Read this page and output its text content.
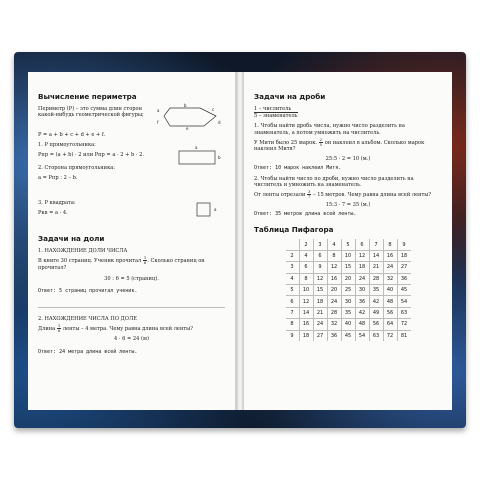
Вычисление периметра
Периметр (Р) – это сумма длин сторон какой-нибудь геометрической фигуры;
b
c
d
e
f
a
P = a + b + c + d + e + f.
1. Р прямоугольника:
Pпр = (a + b) · 2 или Pпр = a · 2 + b · 2.
2. Сторона прямоугольника:
a = Pпр : 2 – b.
a
b
3. Р квадрата:
Pкв = a · 4.
a
Задачи на доли
1. НАХОЖДЕНИЕ ДОЛИ ЧИСЛА
В книге 30 страниц. Ученик прочитал $\frac{1}{6}$ . Сколько страниц он прочитал?
30 : 6 = 5 (страниц).
Ответ: 5 страниц прочитал ученик.
2. НАХОЖДЕНИЕ ЧИСЛА ПО ДОЛЕ
Длина $\frac{1}{6}$ ленты – 4 метра. Чему равна длина всей ленты?
4 · 6 = 24 (м)
Ответ: 24 метра длина всей ленты.
Задачи на дроби
1 – числитель
5 – знаменатель
1. Чтобы найти дробь числа, нужно число разделить на знаменатель, а потом умножить на числитель.
У Мити было 25 марок. $\frac{2}{5}$ он наклеил в альбом. Сколько марок наклеил Митя?
25:5 · 2 = 10 (м.)
Ответ: 10 марок наклеил Митя.
2. Чтобы найти число по дроби, нужно число разделить на числитель и умножить на знаменатель.
От ленты отрезали $\frac{3}{7} - 15$ метров. Чему равна длина всей ленты?
15:3 · 7 = 35 (м.)
Ответ: 35 метров длина всей ленты.
Таблица Пифагора
	2	3	4	5	6	7	8	9
2	4	6	8	10	12	14	16	18
3	6	9	12	15	18	21	24	27
4	8	12	16	20	24	28	32	36
5	10	15	20	25	30	35	40	45
6	12	18	24	30	36	42	48	54
7	14	21	28	35	42	49	56	63
8	16	24	32	40	48	56	64	72
9	18	27	36	45	54	63	72	81
